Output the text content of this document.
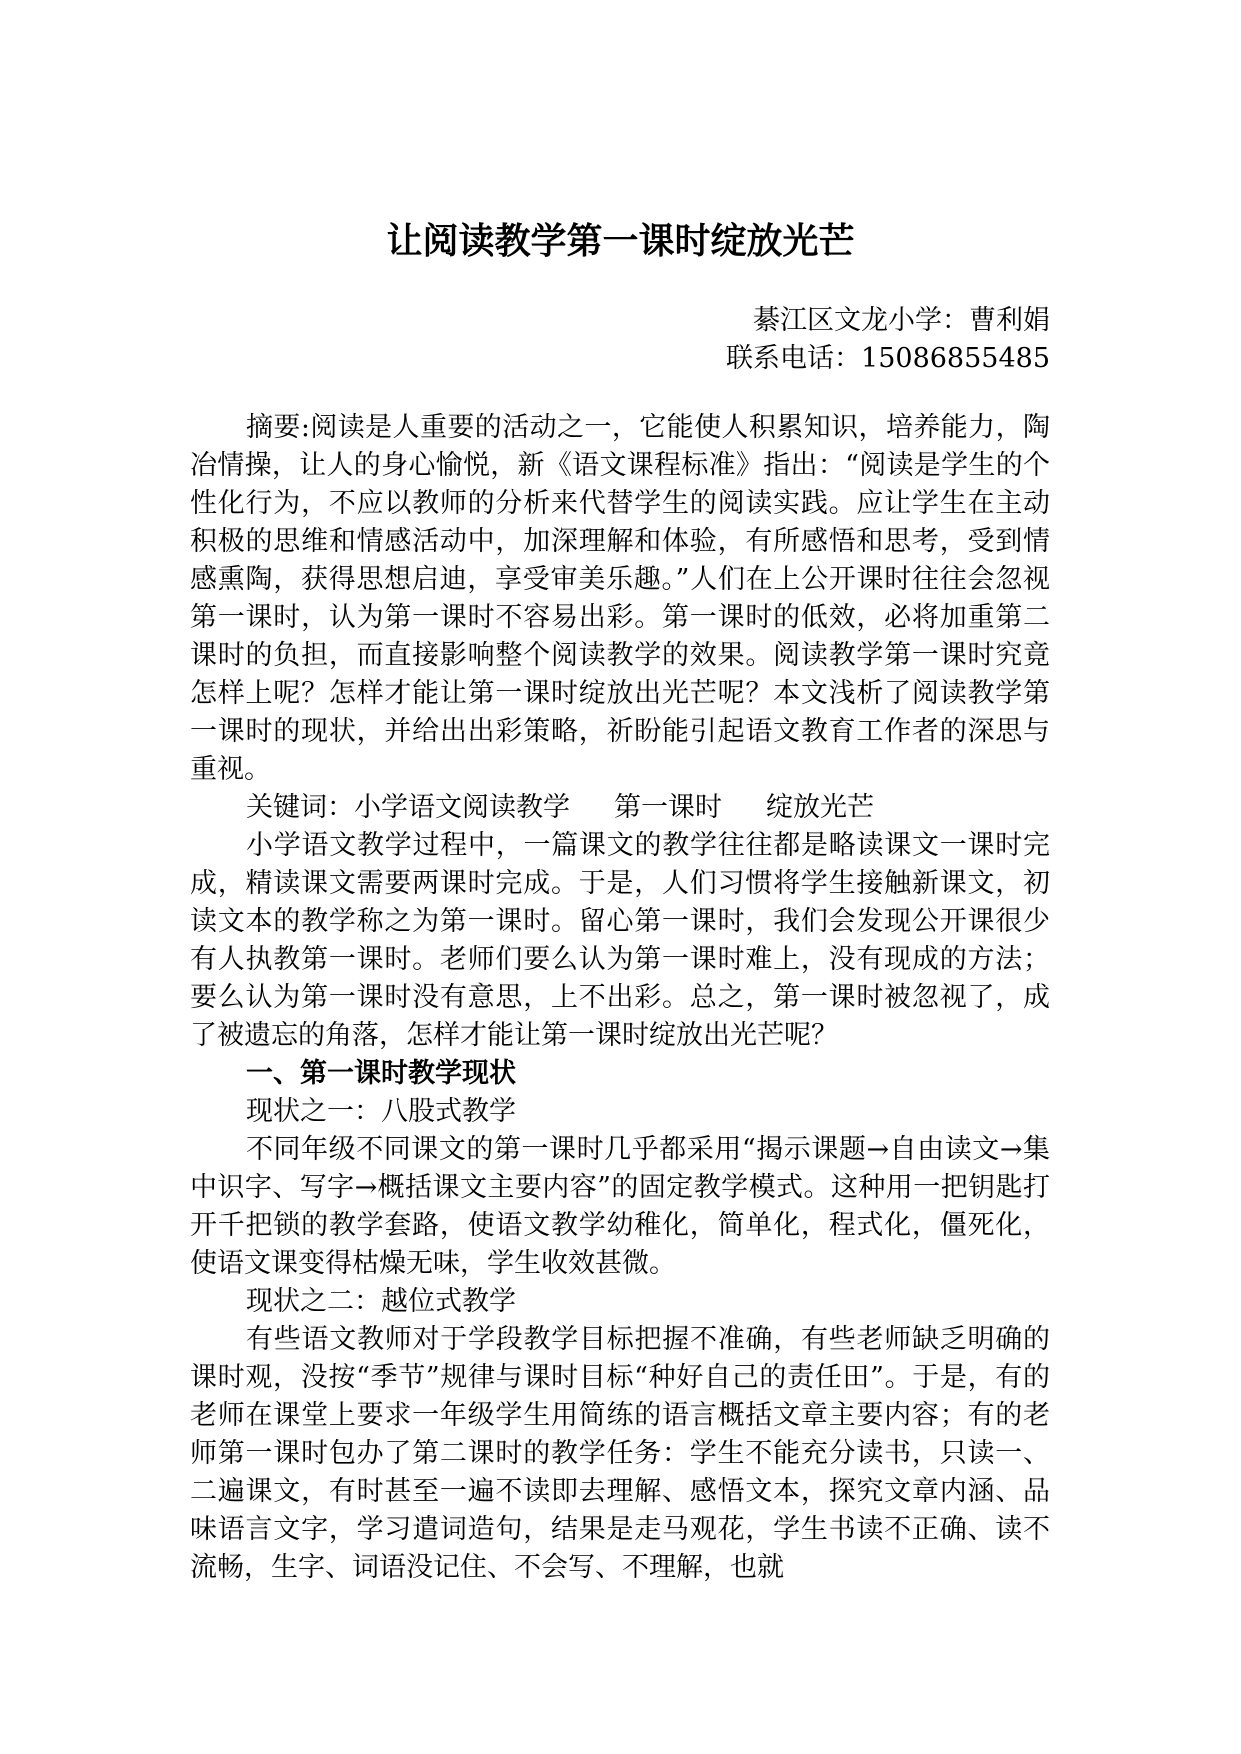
让阅读教学第一课时绽放光芒
綦江区文龙小学：曹利娟
联系电话：15086855485

摘要:阅读是人重要的活动之一，它能使人积累知识，培养能力，陶冶情操，让人的身心愉悦，新《语文课程标准》指出：“阅读是学生的个性化行为，不应以教师的分析来代替学生的阅读实践。应让学生在主动积极的思维和情感活动中，加深理解和体验，有所感悟和思考，受到情感熏陶，获得思想启迪，享受审美乐趣。”人们在上公开课时往往会忽视第一课时，认为第一课时不容易出彩。第一课时的低效，必将加重第二课时的负担，而直接影响整个阅读教学的效果。阅读教学第一课时究竟怎样上呢？怎样才能让第一课时绽放出光芒呢？本文浅析了阅读教学第一课时的现状，并给出出彩策略，祈盼能引起语文教育工作者的深思与重视。

关键词：小学语文阅读教学 第一课时 绽放光芒

小学语文教学过程中，一篇课文的教学往往都是略读课文一课时完成，精读课文需要两课时完成。于是，人们习惯将学生接触新课文，初读文本的教学称之为第一课时。留心第一课时，我们会发现公开课很少有人执教第一课时。老师们要么认为第一课时难上，没有现成的方法；要么认为第一课时没有意思，上不出彩。总之，第一课时被忽视了，成了被遗忘的角落，怎样才能让第一课时绽放出光芒呢？

一、第一课时教学现状

现状之一：八股式教学

不同年级不同课文的第一课时几乎都采用“揭示课题→自由读文→集中识字、写字→概括课文主要内容”的固定教学模式。这种用一把钥匙打开千把锁的教学套路，使语文教学幼稚化，简单化，程式化，僵死化，使语文课变得枯燥无味，学生收效甚微。

现状之二：越位式教学

有些语文教师对于学段教学目标把握不准确，有些老师缺乏明确的课时观，没按“季节”规律与课时目标“种好自己的责任田”。于是，有的老师在课堂上要求一年级学生用简练的语言概括文章主要内容；有的老师第一课时包办了第二课时的教学任务：学生不能充分读书，只读一、二遍课文，有时甚至一遍不读即去理解、感悟文本，探究文章内涵、品味语言文字，学习遣词造句，结果是走马观花，学生书读不正确、读不流畅，生字、词语没记住、不会写、不理解，也就
